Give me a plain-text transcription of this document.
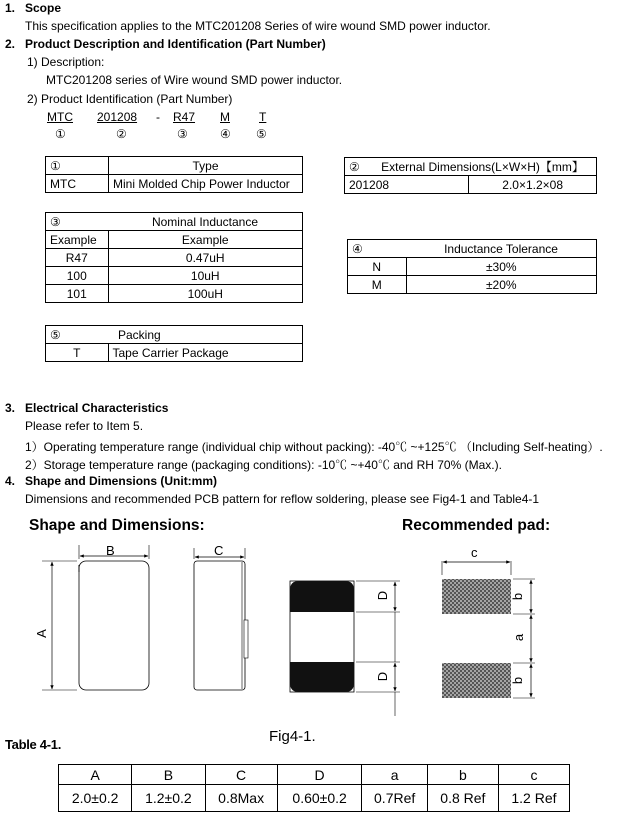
1. Scope
This specification applies to the MTC201208 Series of wire wound SMD power inductor.
2. Product Description and Identification (Part Number)
1) Description:
MTC201208 series of Wire wound SMD power inductor.
2) Product Identification (Part Number)
MTC 201208 - R47 M T
①	②	③	④ ⑤
①	Type
MTC	Mini Molded Chip Power Inductor
②	External Dimensions(L×W×H)【mm】	
201208		2.0×1.2×08
③	Nominal Inductance
Example	Example
R47	0.47uH
100	10uH
101	100uH
④	Inductance Tolerance
N	±30%
M	±20%
⑤	Packing
T	Tape Carrier Package
3. Electrical Characteristics
Please refer to Item 5.
1）Operating temperature range (individual chip without packing): -40℃ ~+125℃ （Including Self-heating）.
2）Storage temperature range (packaging conditions): -10℃ ~+40℃ and RH 70% (Max.).
4. Shape and Dimensions (Unit:mm)
Dimensions and recommended PCB pattern for reflow soldering, please see Fig4-1 and Table4-1
Shape and Dimensions:	Recommended pad:
B	C
A
D
D
c
b
a
b
Fig4-1.
Table 4-1.
A	B	C	D	a	b	c
2.0±0.2	1.2±0.2	0.8Max	0.60±0.2	0.7Ref	0.8 Ref	1.2 Ref
